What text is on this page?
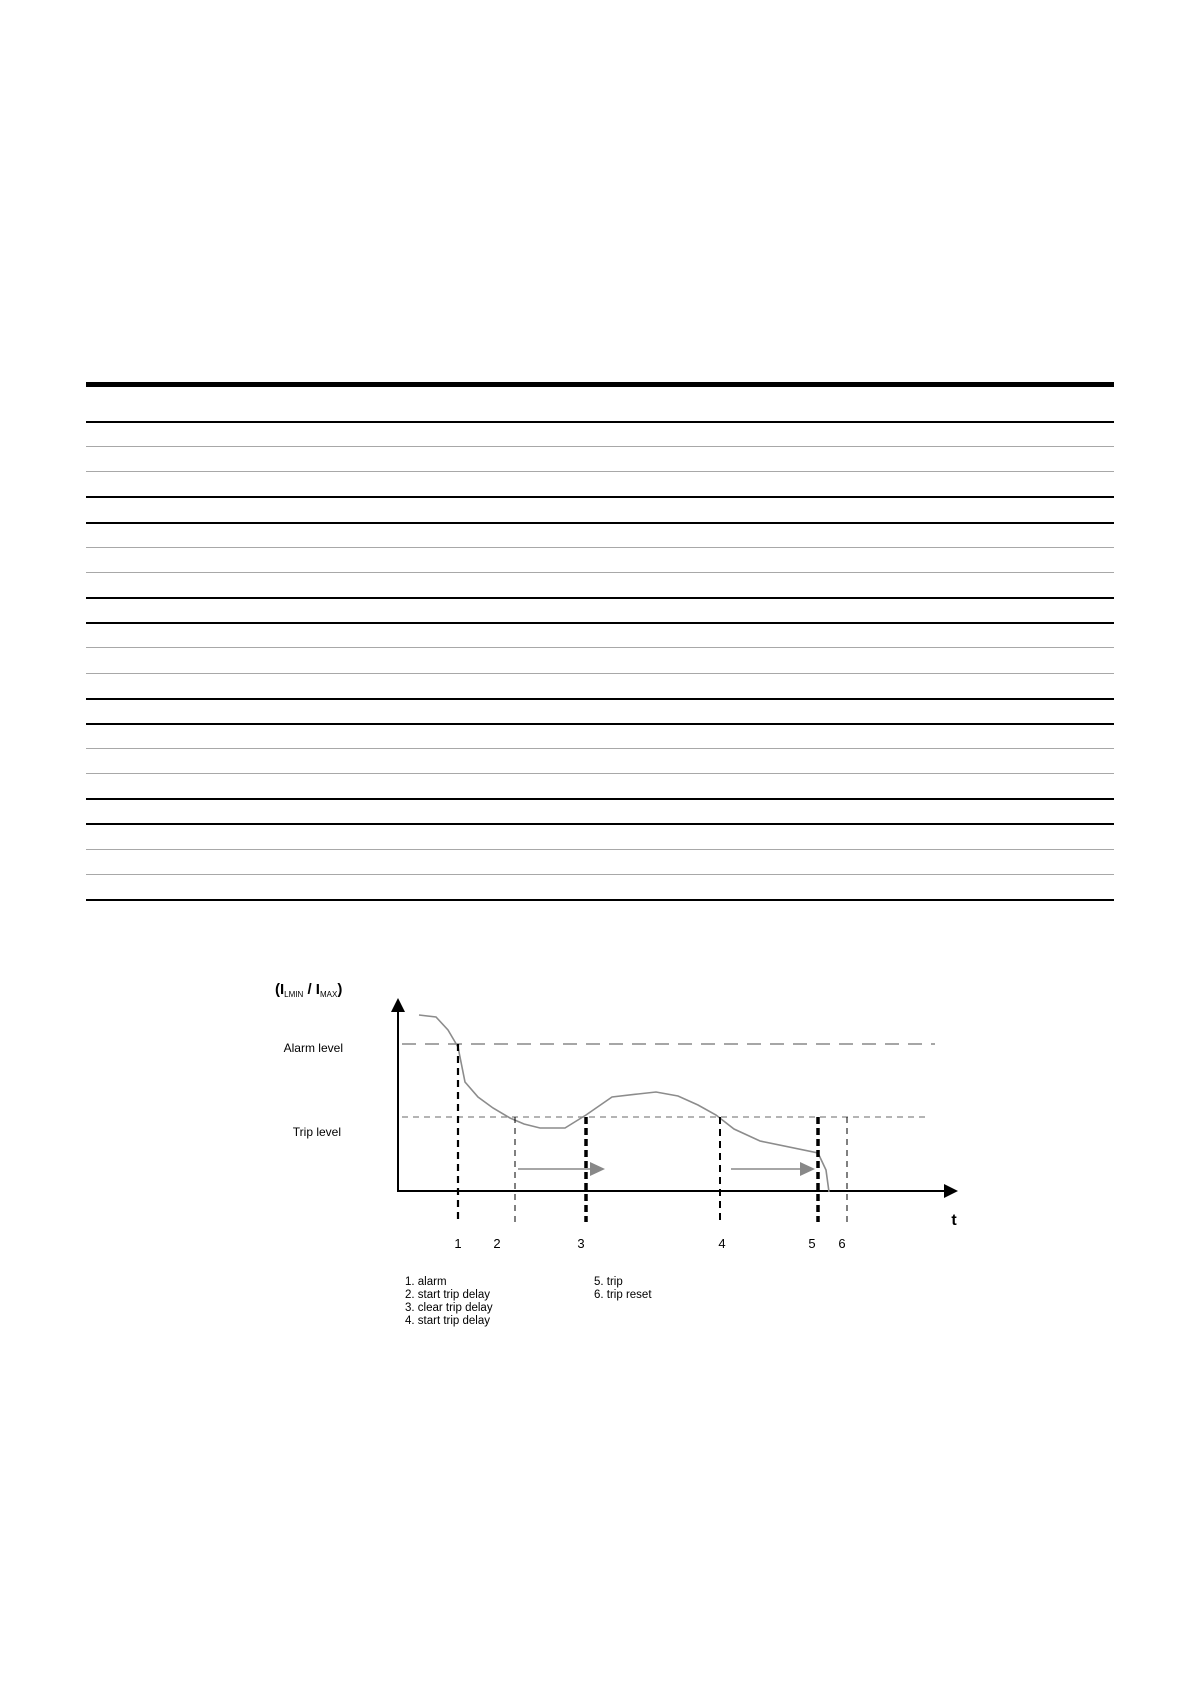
$(I_{LMIN} / I_{MAX})$
Alarm level
Trip level
t
1 2	3	4	5 6
1. alarm
2. start trip delay
3. clear trip delay
4. start trip delay
5. trip
6. trip reset
